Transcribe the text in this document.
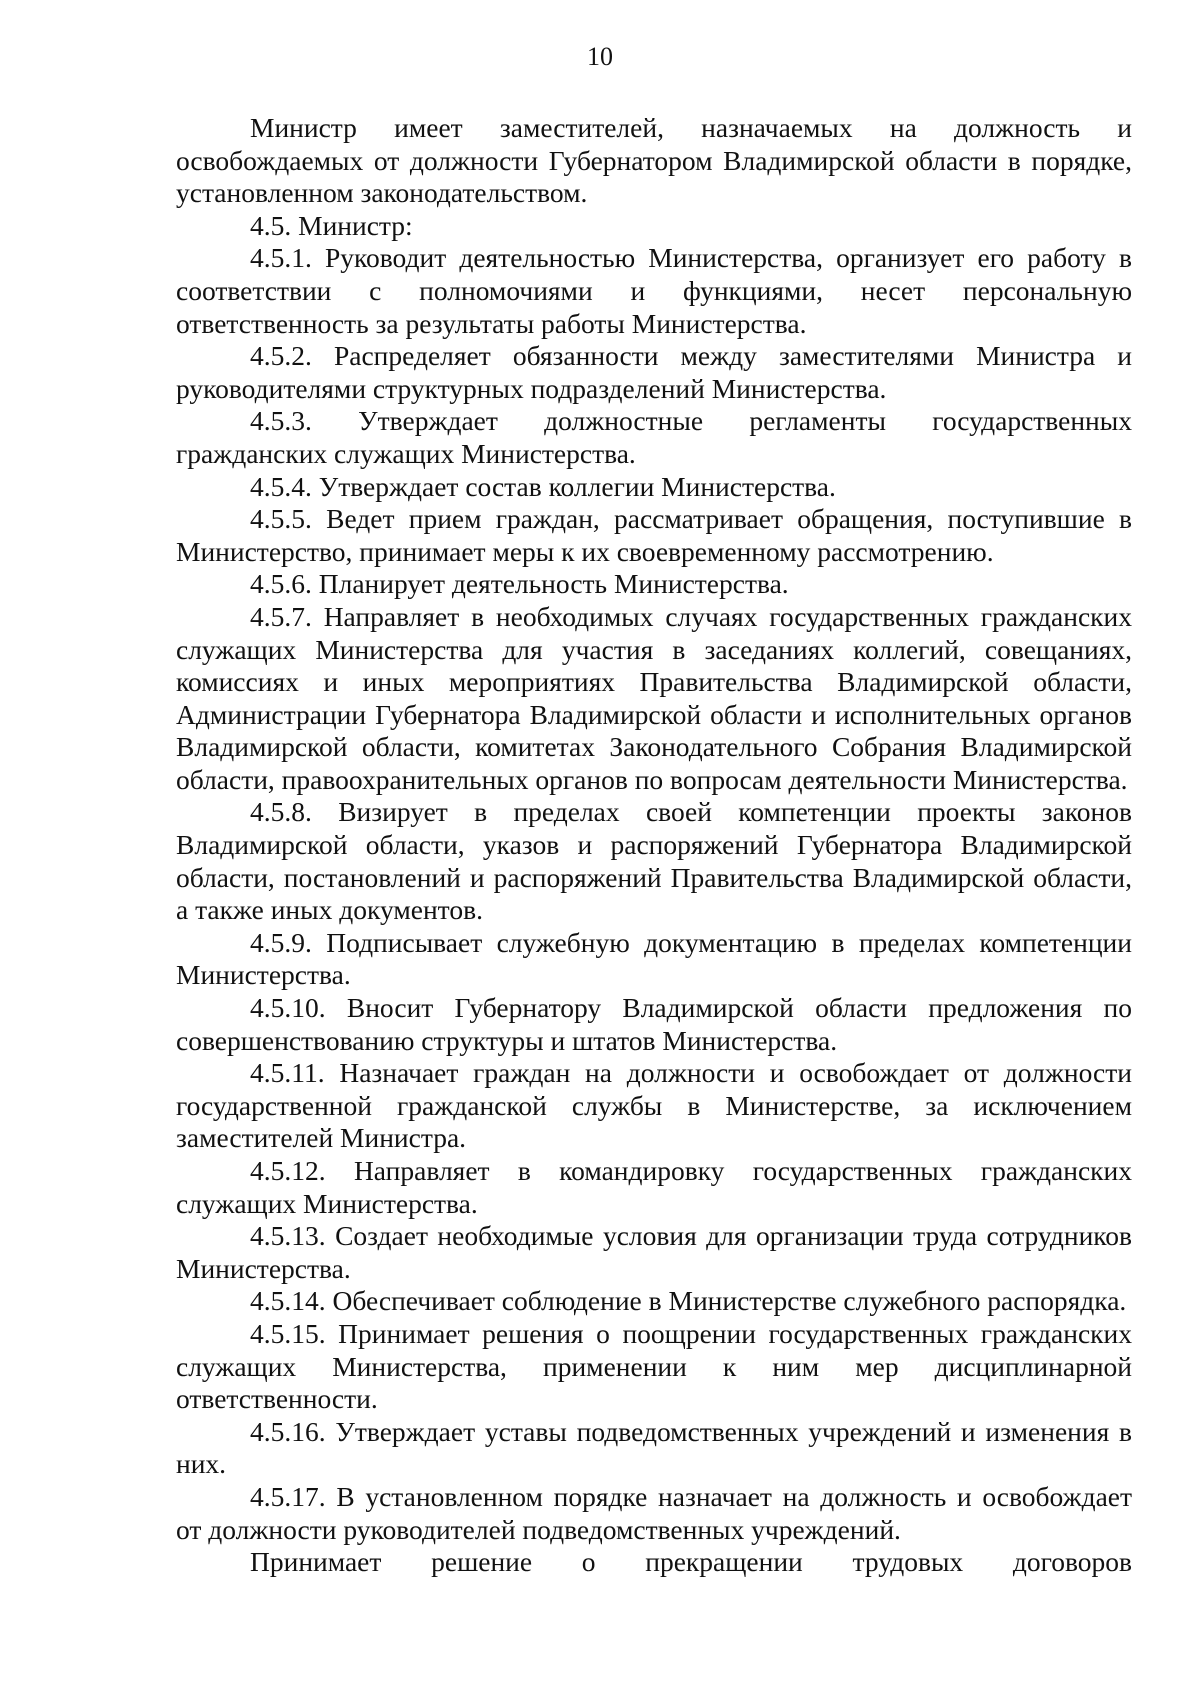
10

Министр имеет заместителей, назначаемых на должность и освобождаемых от должности Губернатором Владимирской области в порядке, установленном законодательством.

4.5. Министр:

4.5.1. Руководит деятельностью Министерства, организует его работу в соответствии с полномочиями и функциями, несет персональную ответственность за результаты работы Министерства.

4.5.2. Распределяет обязанности между заместителями Министра и руководителями структурных подразделений Министерства.

4.5.3. Утверждает должностные регламенты государственных гражданских служащих Министерства.

4.5.4. Утверждает состав коллегии Министерства.

4.5.5. Ведет прием граждан, рассматривает обращения, поступившие в Министерство, принимает меры к их своевременному рассмотрению.

4.5.6. Планирует деятельность Министерства.

4.5.7. Направляет в необходимых случаях государственных гражданских служащих Министерства для участия в заседаниях коллегий, совещаниях, комиссиях и иных мероприятиях Правительства Владимирской области, Администрации Губернатора Владимирской области и исполнительных органов Владимирской области, комитетах Законодательного Собрания Владимирской области, правоохранительных органов по вопросам деятельности Министерства.

4.5.8. Визирует в пределах своей компетенции проекты законов Владимирской области, указов и распоряжений Губернатора Владимирской области, постановлений и распоряжений Правительства Владимирской области, а также иных документов.

4.5.9. Подписывает служебную документацию в пределах компетенции Министерства.

4.5.10. Вносит Губернатору Владимирской области предложения по совершенствованию структуры и штатов Министерства.

4.5.11. Назначает граждан на должности и освобождает от должности государственной гражданской службы в Министерстве, за исключением заместителей Министра.

4.5.12. Направляет в командировку государственных гражданских служащих Министерства.

4.5.13. Создает необходимые условия для организации труда сотрудников Министерства.

4.5.14. Обеспечивает соблюдение в Министерстве служебного распорядка.

4.5.15. Принимает решения о поощрении государственных гражданских служащих Министерства, применении к ним мер дисциплинарной ответственности.

4.5.16. Утверждает уставы подведомственных учреждений и изменения в них.

4.5.17. В установленном порядке назначает на должность и освобождает от должности руководителей подведомственных учреждений.

Принимает решение о прекращении трудовых договоров
